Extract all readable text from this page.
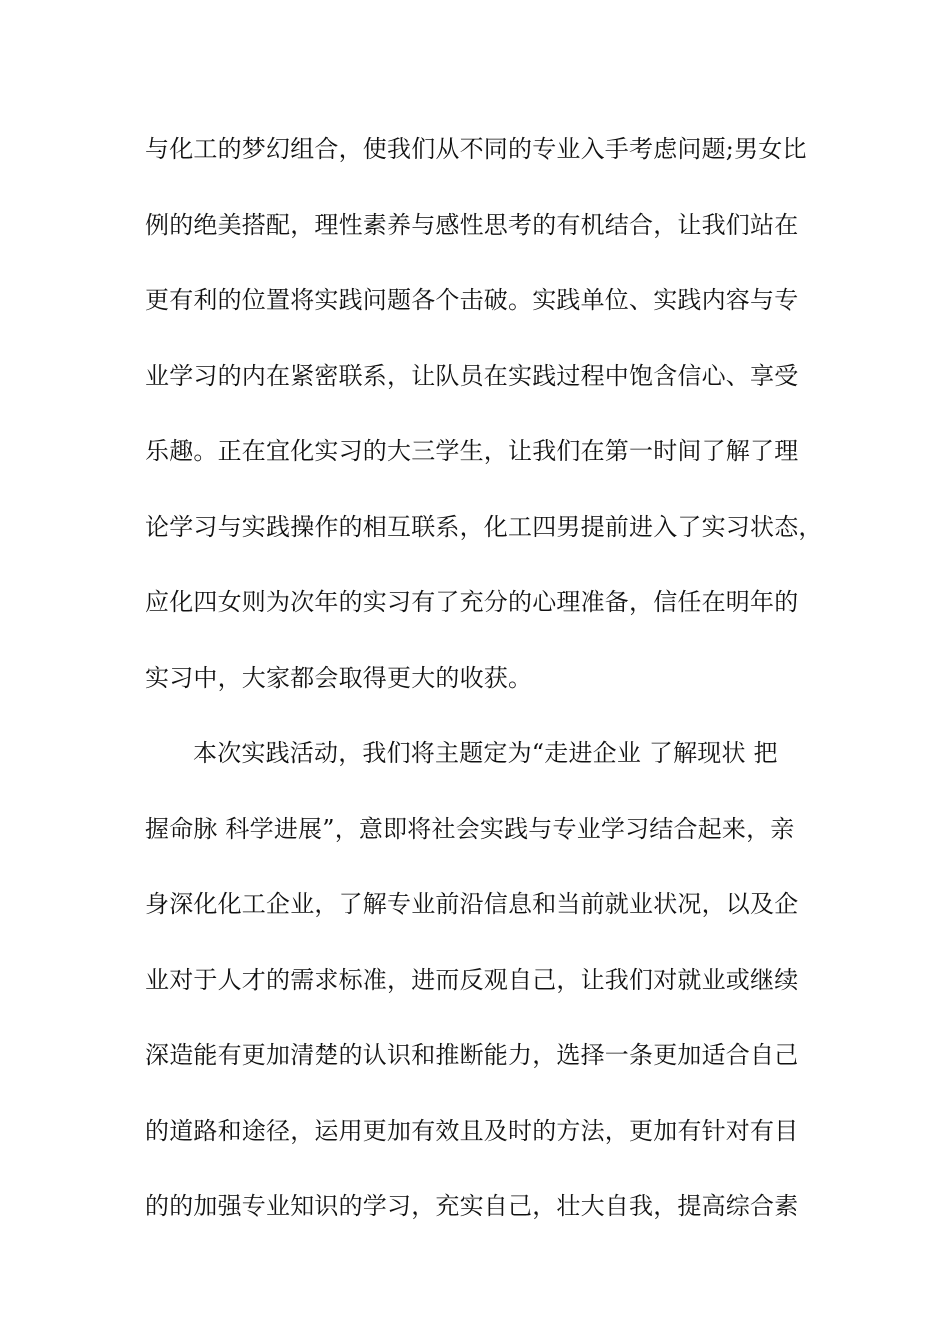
与化工的梦幻组合，使我们从不同的专业入手考虑问题;男女比
例的绝美搭配，理性素养与感性思考的有机结合，让我们站在
更有利的位置将实践问题各个击破。实践单位、实践内容与专
业学习的内在紧密联系，让队员在实践过程中饱含信心、享受
乐趣。正在宜化实习的大三学生，让我们在第一时间了解了理
论学习与实践操作的相互联系，化工四男提前进入了实习状态，
应化四女则为次年的实习有了充分的心理准备，信任在明年的
实习中，大家都会取得更大的收获。
本次实践活动，我们将主题定为“走进企业 了解现状 把
握命脉 科学进展”，意即将社会实践与专业学习结合起来，亲
身深化化工企业，了解专业前沿信息和当前就业状况，以及企
业对于人才的需求标准，进而反观自己，让我们对就业或继续
深造能有更加清楚的认识和推断能力，选择一条更加适合自己
的道路和途径，运用更加有效且及时的方法，更加有针对有目
的的加强专业知识的学习，充实自己，壮大自我，提高综合素
